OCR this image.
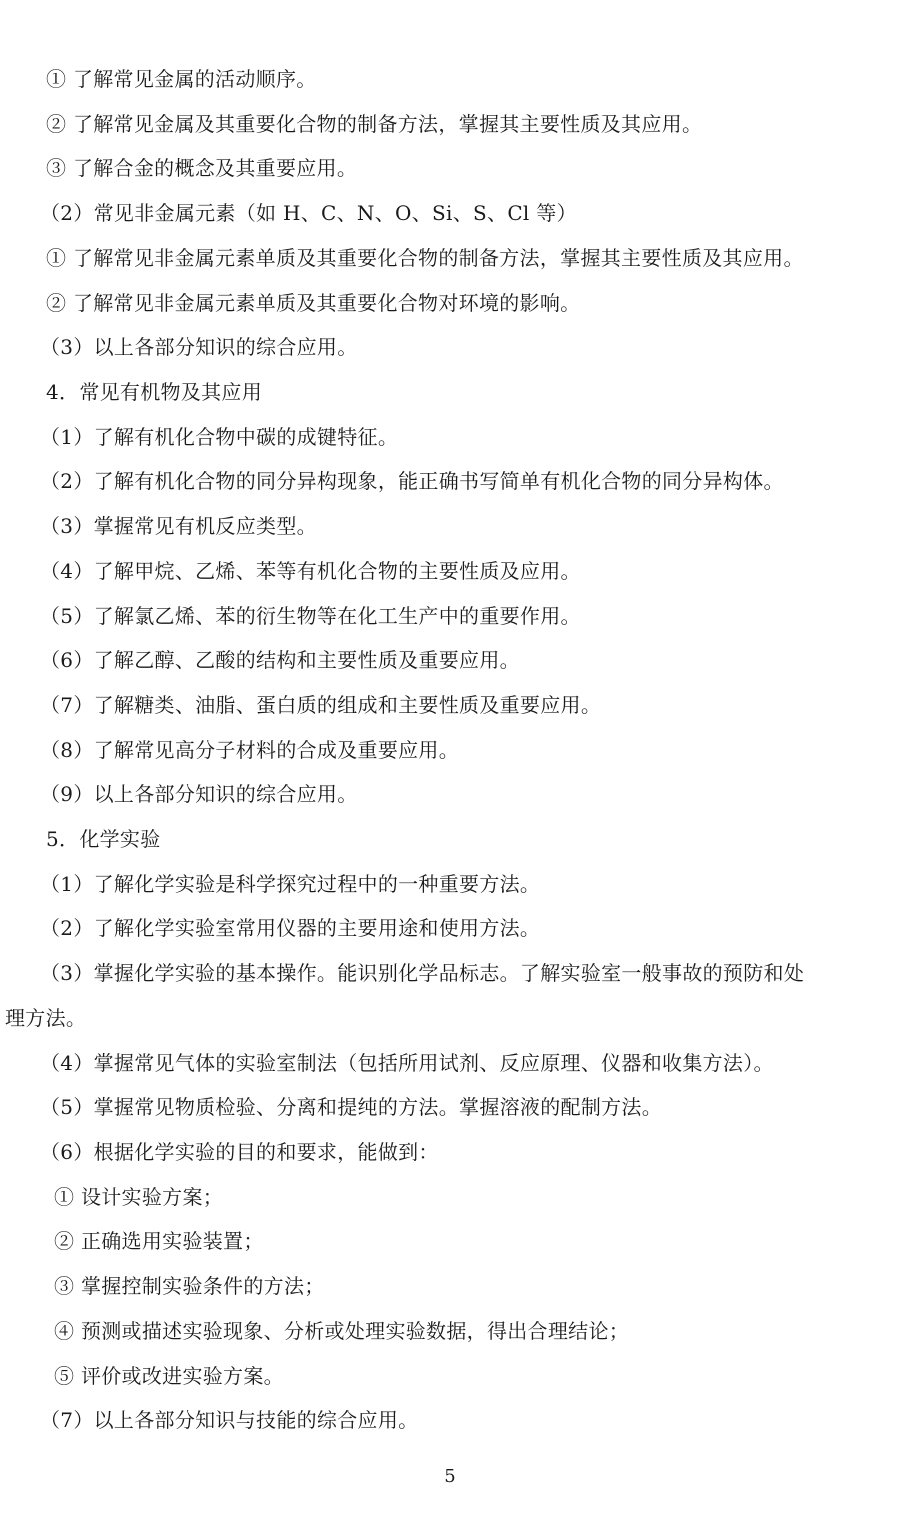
① 了解常见金属的活动顺序。
② 了解常见金属及其重要化合物的制备方法，掌握其主要性质及其应用。
③ 了解合金的概念及其重要应用。
（2）常见非金属元素（如 H、C、N、O、Si、S、Cl 等）
① 了解常见非金属元素单质及其重要化合物的制备方法，掌握其主要性质及其应用。
② 了解常见非金属元素单质及其重要化合物对环境的影响。
（3）以上各部分知识的综合应用。
4．常见有机物及其应用
（1）了解有机化合物中碳的成键特征。
（2）了解有机化合物的同分异构现象，能正确书写简单有机化合物的同分异构体。
（3）掌握常见有机反应类型。
（4）了解甲烷、乙烯、苯等有机化合物的主要性质及应用。
（5）了解氯乙烯、苯的衍生物等在化工生产中的重要作用。
（6）了解乙醇、乙酸的结构和主要性质及重要应用。
（7）了解糖类、油脂、蛋白质的组成和主要性质及重要应用。
（8）了解常见高分子材料的合成及重要应用。
（9）以上各部分知识的综合应用。
5．化学实验
（1）了解化学实验是科学探究过程中的一种重要方法。
（2）了解化学实验室常用仪器的主要用途和使用方法。
（3）掌握化学实验的基本操作。能识别化学品标志。了解实验室一般事故的预防和处
理方法。
（4）掌握常见气体的实验室制法（包括所用试剂、反应原理、仪器和收集方法）。
（5）掌握常见物质检验、分离和提纯的方法。掌握溶液的配制方法。
（6）根据化学实验的目的和要求，能做到：
① 设计实验方案；
② 正确选用实验装置；
③ 掌握控制实验条件的方法；
④ 预测或描述实验现象、分析或处理实验数据，得出合理结论；
⑤ 评价或改进实验方案。
（7）以上各部分知识与技能的综合应用。
5
